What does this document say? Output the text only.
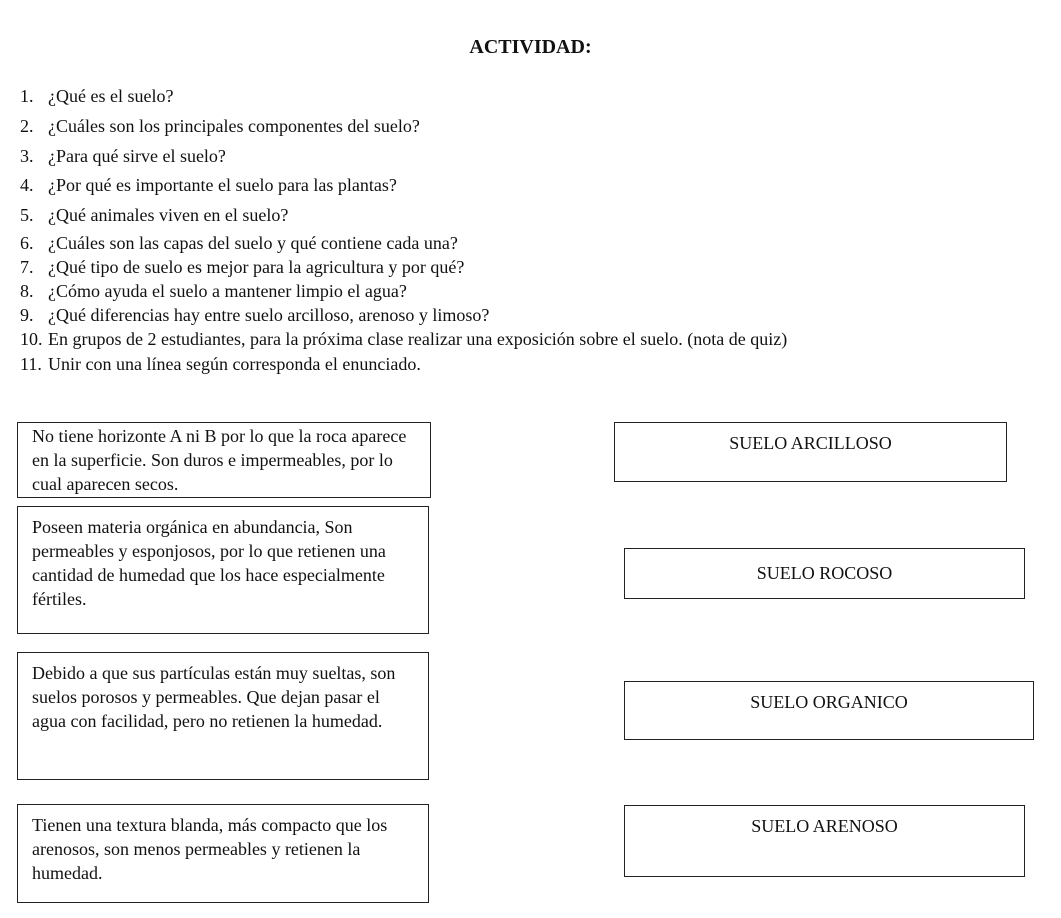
ACTIVIDAD:
1. ¿Qué es el suelo?
2. ¿Cuáles son los principales componentes del suelo?
3. ¿Para qué sirve el suelo?
4. ¿Por qué es importante el suelo para las plantas?
5. ¿Qué animales viven en el suelo?
6. ¿Cuáles son las capas del suelo y qué contiene cada una?
7. ¿Qué tipo de suelo es mejor para la agricultura y por qué?
8. ¿Cómo ayuda el suelo a mantener limpio el agua?
9. ¿Qué diferencias hay entre suelo arcilloso, arenoso y limoso?
10. En grupos de 2 estudiantes, para la próxima clase realizar una exposición sobre el suelo. (nota de quiz)
11. Unir con una línea según corresponda el enunciado.
No tiene horizonte A ni B por lo que la roca aparece en la superficie. Son duros e impermeables, por lo cual aparecen secos.
Poseen materia orgánica en abundancia, Son permeables y esponjosos, por lo que retienen una cantidad de humedad que los hace especialmente fértiles.
Debido a que sus partículas están muy sueltas, son suelos porosos y permeables. Que dejan pasar el agua con facilidad, pero no retienen la humedad.
Tienen una textura blanda, más compacto que los arenosos, son menos permeables y retienen la humedad.
SUELO ARCILLOSO
SUELO ROCOSO
SUELO ORGANICO
SUELO ARENOSO
